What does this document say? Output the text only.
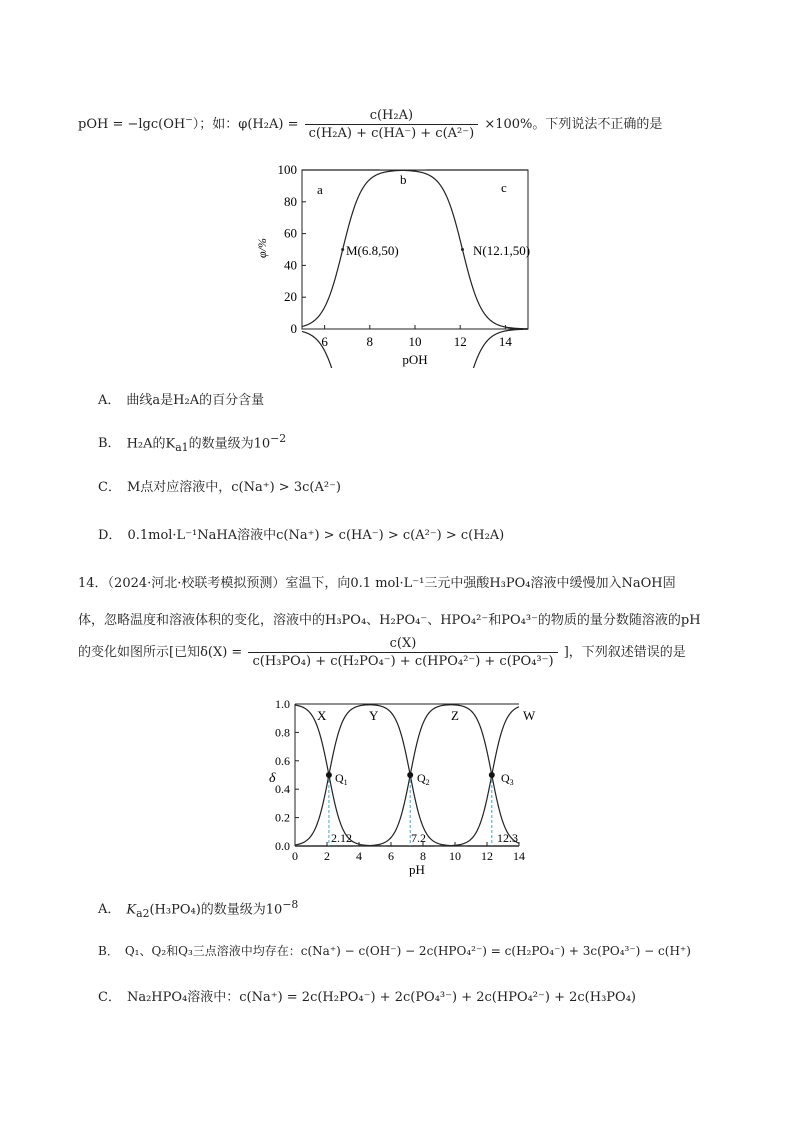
pOH = −lgc(OH−）；如：$\varphi(H_2A) = \frac{\text{c(H₂A)}}{\text{c(H₂A) + c(HA⁻) + c(A²⁻)}} \times 100\%$。下列说法不正确的是
6	8	10 12 14
0
20
40
60
80
100
a
b
c
M(6.8,50)	N(12.1,50)
pOH
φ/%
A． 曲线a是H₂A的百分含量
B． H₂A的$K_{a1}$的数量级为$10^{-2}$
C． M点对应溶液中，c(Na⁺) > 3c(A²⁻)
D． 0.1mol·L⁻¹NaHA溶液中c(Na⁺) > c(HA⁻) > c(A²⁻) > c(H₂A)
14．（2024·河北·校联考模拟预测）室温下，向0.1 mol·L⁻¹三元中强酸H₃PO₄溶液中缓慢加入NaOH固
体，忽略温度和溶液体积的变化，溶液中的H₃PO₄、H₂PO₄⁻、HPO₄²⁻和PO₄³⁻的物质的量分数随溶液的pH
的变化如图所示[已知$\delta(X) = \frac{c(X)}{\text{c(H₃PO₄) + c(H₂PO₄⁻) + c(HPO₄²⁻) + c(PO₄³⁻)}}$ ]，下列叙述错误的是
0 2 4 6 8 10 12 14
0.0
0.2
0.4
0.6
0.8
1.0
X	Y	Z	W
$Q_1$	$Q_2$	$Q_3$
2.12	7.2	12.3
pH
δ
A． $K_{a2}(H_3PO_4)$的数量级为$10^{-8}$
B． Q₁、Q₂和Q₃三点溶液中均存在：c(Na⁺) − c(OH⁻) − 2c(HPO₄²⁻) = c(H₂PO₄⁻) + 3c(PO₄³⁻) − c(H⁺)
C． Na₂HPO₄溶液中：c(Na⁺) = 2c(H₂PO₄⁻) + 2c(PO₄³⁻) + 2c(HPO₄²⁻) + 2c(H₃PO₄)
